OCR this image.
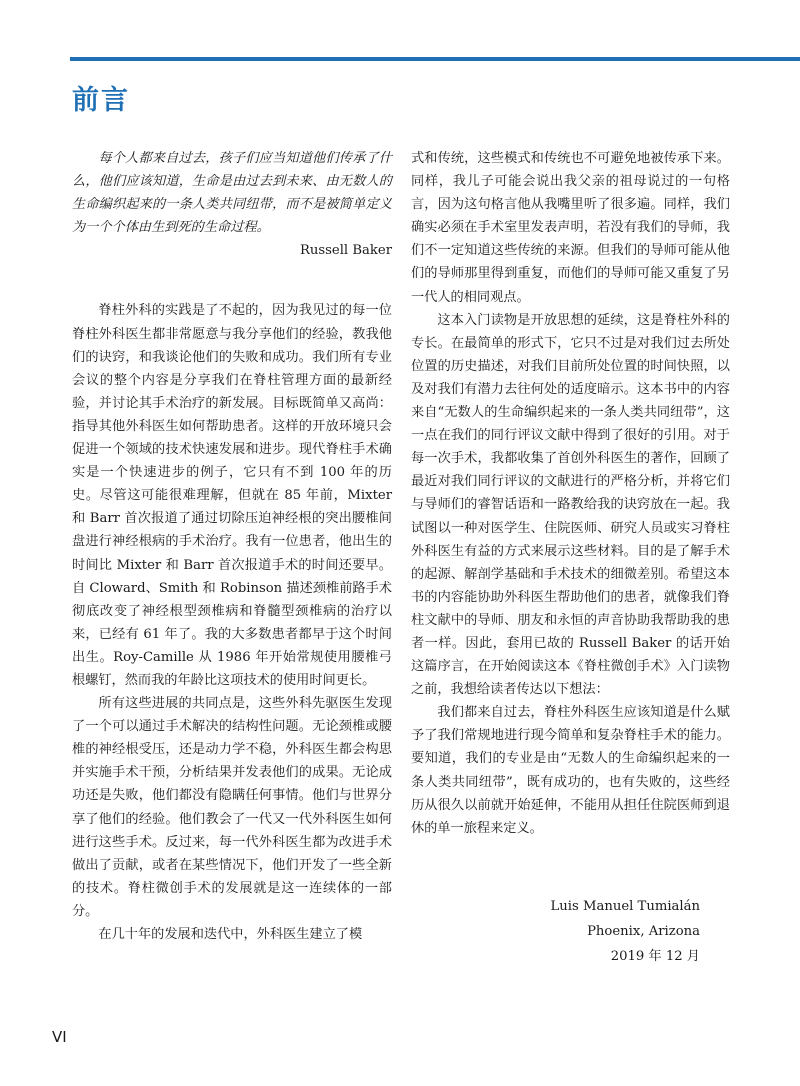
前言

每个人都来自过去，孩子们应当知道他们传承了什么，他们应该知道，生命是由过去到未来、由无数人的生命编织起来的一条人类共同纽带，而不是被简单定义为一个个体由生到死的生命过程。

Russell Baker

脊柱外科的实践是了不起的，因为我见过的每一位脊柱外科医生都非常愿意与我分享他们的经验，教我他们的诀窍，和我谈论他们的失败和成功。我们所有专业会议的整个内容是分享我们在脊柱管理方面的最新经验，并讨论其手术治疗的新发展。目标既简单又高尚：指导其他外科医生如何帮助患者。这样的开放环境只会促进一个领域的技术快速发展和进步。现代脊柱手术确实是一个快速进步的例子，它只有不到 100 年的历史。尽管这可能很难理解，但就在 85 年前，Mixter 和 Barr 首次报道了通过切除压迫神经根的突出腰椎间盘进行神经根病的手术治疗。我有一位患者，他出生的时间比 Mixter 和 Barr 首次报道手术的时间还要早。自 Cloward、Smith 和 Robinson 描述颈椎前路手术彻底改变了神经根型颈椎病和脊髓型颈椎病的治疗以来，已经有 61 年了。我的大多数患者都早于这个时间出生。Roy-Camille 从 1986 年开始常规使用腰椎弓根螺钉，然而我的年龄比这项技术的使用时间更长。

所有这些进展的共同点是，这些外科先驱医生发现了一个可以通过手术解决的结构性问题。无论颈椎或腰椎的神经根受压，还是动力学不稳，外科医生都会构思并实施手术干预，分析结果并发表他们的成果。无论成功还是失败，他们都没有隐瞒任何事情。他们与世界分享了他们的经验。他们教会了一代又一代外科医生如何进行这些手术。反过来，每一代外科医生都为改进手术做出了贡献，或者在某些情况下，他们开发了一些全新的技术。脊柱微创手术的发展就是这一连续体的一部分。

在几十年的发展和迭代中，外科医生建立了模

式和传统，这些模式和传统也不可避免地被传承下来。同样，我儿子可能会说出我父亲的祖母说过的一句格言，因为这句格言他从我嘴里听了很多遍。同样，我们确实必须在手术室里发表声明，若没有我们的导师，我们不一定知道这些传统的来源。但我们的导师可能从他们的导师那里得到重复，而他们的导师可能又重复了另一代人的相同观点。

这本入门读物是开放思想的延续，这是脊柱外科的专长。在最简单的形式下，它只不过是对我们过去所处位置的历史描述，对我们目前所处位置的时间快照，以及对我们有潜力去往何处的适度暗示。这本书中的内容来自“无数人的生命编织起来的一条人类共同纽带”，这一点在我们的同行评议文献中得到了很好的引用。对于每一次手术，我都收集了首创外科医生的著作，回顾了最近对我们同行评议的文献进行的严格分析，并将它们与导师们的睿智话语和一路教给我的诀窍放在一起。我试图以一种对医学生、住院医师、研究人员或实习脊柱外科医生有益的方式来展示这些材料。目的是了解手术的起源、解剖学基础和手术技术的细微差别。希望这本书的内容能协助外科医生帮助他们的患者，就像我们脊柱文献中的导师、朋友和永恒的声音协助我帮助我的患者一样。因此，套用已故的 Russell Baker 的话开始这篇序言，在开始阅读这本《脊柱微创手术》入门读物之前，我想给读者传达以下想法：

我们都来自过去，脊柱外科医生应该知道是什么赋予了我们常规地进行现今简单和复杂脊柱手术的能力。要知道，我们的专业是由“无数人的生命编织起来的一条人类共同纽带”，既有成功的，也有失败的，这些经历从很久以前就开始延伸，不能用从担任住院医师到退休的单一旅程来定义。

Luis Manuel Tumialán
Phoenix, Arizona
2019 年 12 月
VI
